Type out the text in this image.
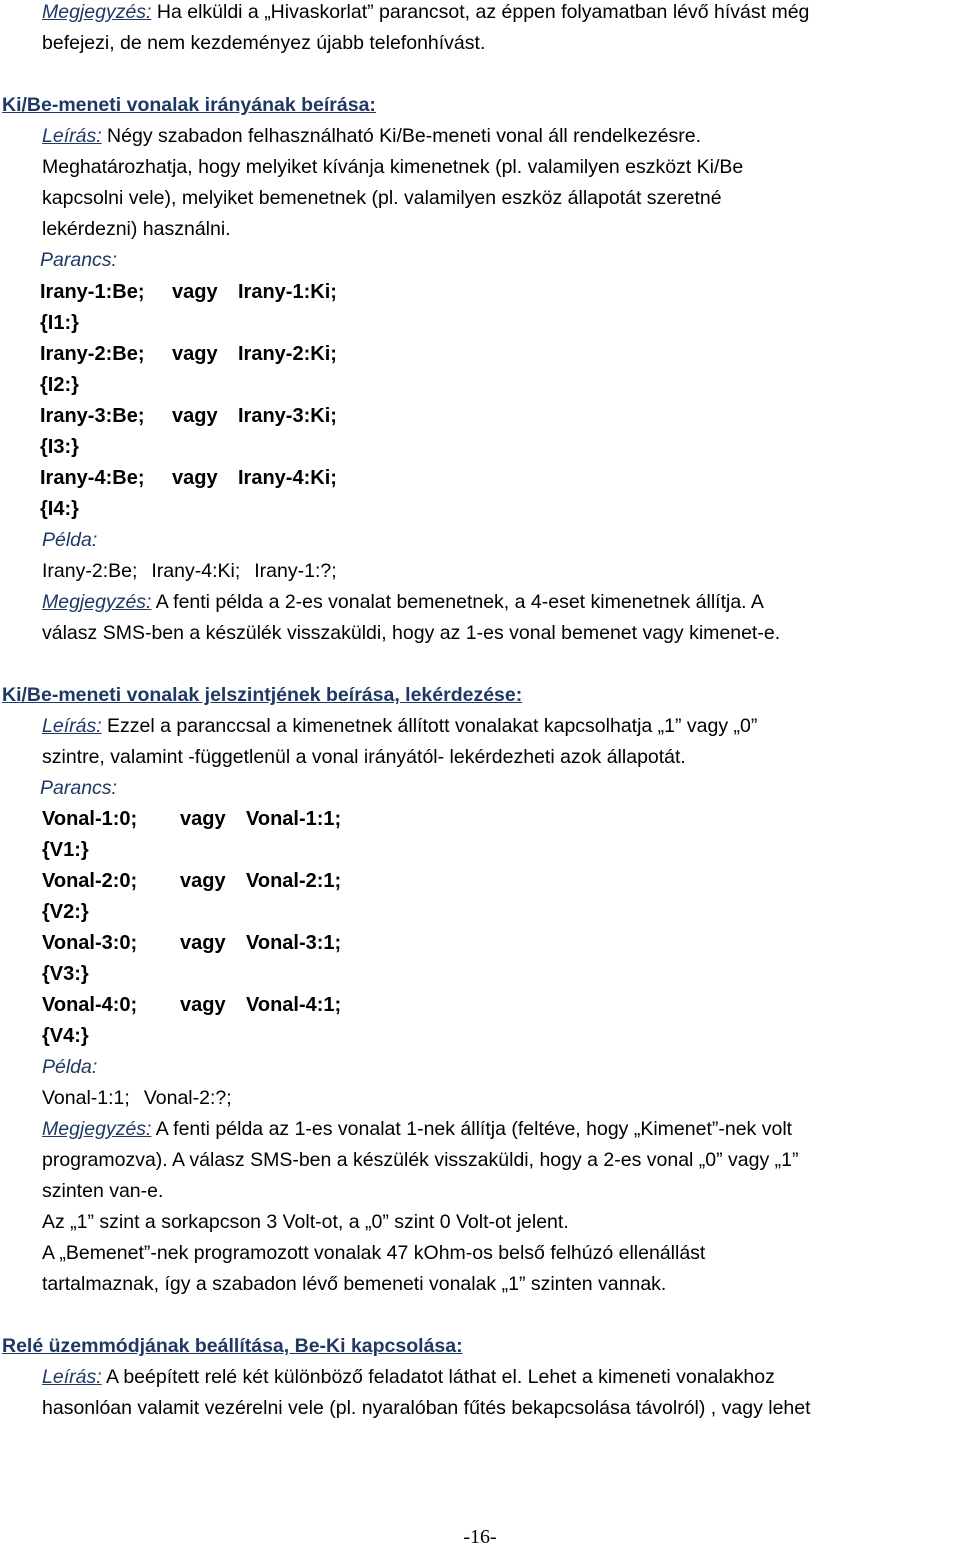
Megjegyzés: Ha elküldi a „Hivaskorlat” parancsot, az éppen folyamatban lévő hívást még
befejezi, de nem kezdeményez újabb telefonhívást.
Ki/Be-meneti vonalak irányának beírása:
Leírás: Négy szabadon felhasználható Ki/Be-meneti vonal áll rendelkezésre.
Meghatározhatja, hogy melyiket kívánja kimenetnek (pl. valamilyen eszközt Ki/Be
kapcsolni vele), melyiket bemenetnek (pl. valamilyen eszköz állapotát szeretné
lekérdezni) használni.
Parancs:
Irany-1:Be; vagy Irany-1:Ki;
{I1:}
Irany-2:Be; vagy Irany-2:Ki;
{I2:}
Irany-3:Be; vagy Irany-3:Ki;
{I3:}
Irany-4:Be; vagy Irany-4:Ki;
{I4:}
Példa:
Irany-2:Be; Irany-4:Ki; Irany-1:?;
Megjegyzés: A fenti példa a 2-es vonalat bemenetnek, a 4-eset kimenetnek állítja. A
válasz SMS-ben a készülék visszaküldi, hogy az 1-es vonal bemenet vagy kimenet-e.
Ki/Be-meneti vonalak jelszintjének beírása, lekérdezése:
Leírás: Ezzel a paranccsal a kimenetnek állított vonalakat kapcsolhatja „1” vagy „0”
szintre, valamint -függetlenül a vonal irányától- lekérdezheti azok állapotát.
Parancs:
Vonal-1:0; vagy Vonal-1:1;
{V1:}
Vonal-2:0; vagy Vonal-2:1;
{V2:}
Vonal-3:0; vagy Vonal-3:1;
{V3:}
Vonal-4:0; vagy Vonal-4:1;
{V4:}
Példa:
Vonal-1:1; Vonal-2:?;
Megjegyzés: A fenti példa az 1-es vonalat 1-nek állítja (feltéve, hogy „Kimenet”-nek volt
programozva). A válasz SMS-ben a készülék visszaküldi, hogy a 2-es vonal „0” vagy „1”
szinten van-e.
Az „1” szint a sorkapcson 3 Volt-ot, a „0” szint 0 Volt-ot jelent.
A „Bemenet”-nek programozott vonalak 47 kOhm-os belső felhúzó ellenállást
tartalmaznak, így a szabadon lévő bemeneti vonalak „1” szinten vannak.
Relé üzemmódjának beállítása, Be-Ki kapcsolása:
Leírás: A beépített relé két különböző feladatot láthat el. Lehet a kimeneti vonalakhoz
hasonlóan valamit vezérelni vele (pl. nyaralóban fűtés bekapcsolása távolról) , vagy lehet
-16-
